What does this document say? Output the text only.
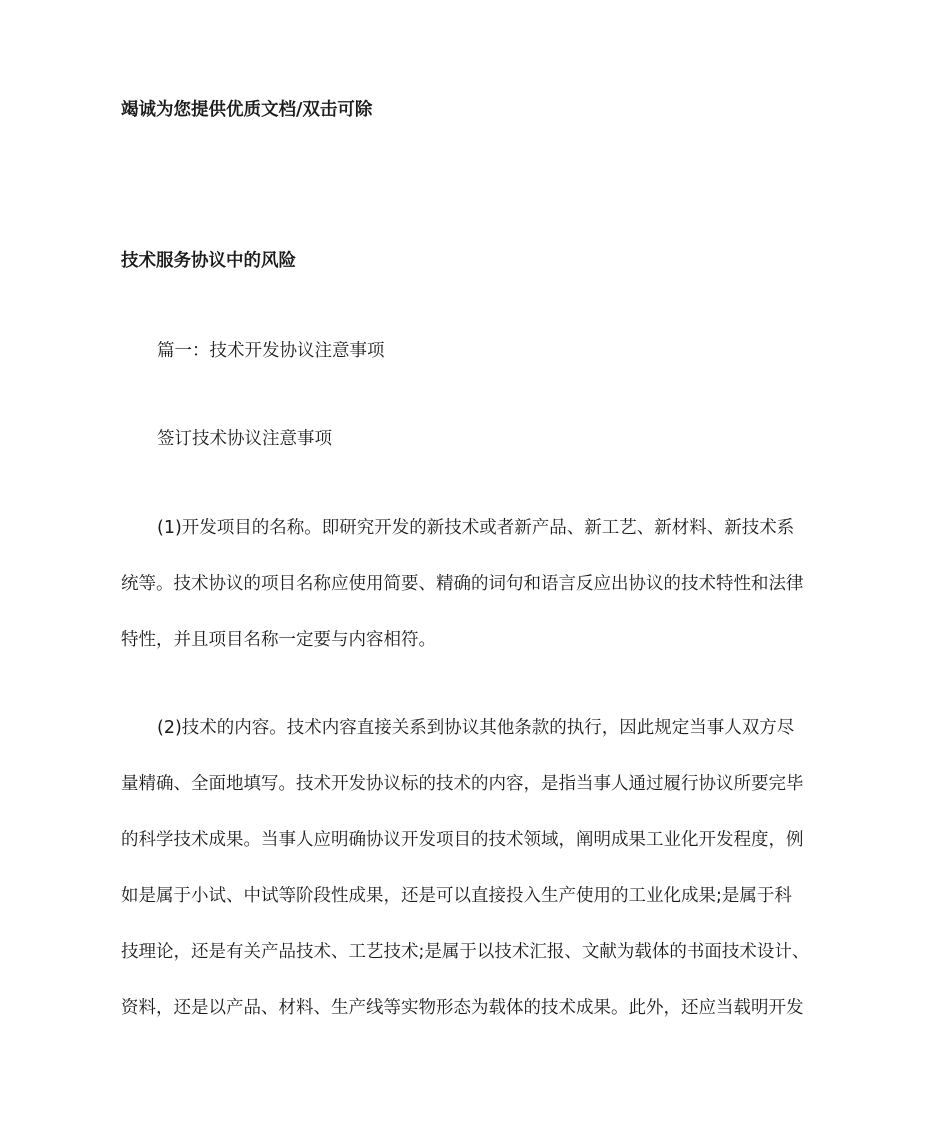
竭诚为您提供优质文档/双击可除
技术服务协议中的风险
篇一：技术开发协议注意事项
签订技术协议注意事项
(1)开发项目的名称。即研究开发的新技术或者新产品、新工艺、新材料、新技术系
统等。技术协议的项目名称应使用简要、精确的词句和语言反应出协议的技术特性和法律
特性，并且项目名称一定要与内容相符。
(2)技术的内容。技术内容直接关系到协议其他条款的执行，因此规定当事人双方尽
量精确、全面地填写。技术开发协议标的技术的内容，是指当事人通过履行协议所要完毕
的科学技术成果。当事人应明确协议开发项目的技术领域，阐明成果工业化开发程度，例
如是属于小试、中试等阶段性成果，还是可以直接投入生产使用的工业化成果;是属于科
技理论，还是有关产品技术、工艺技术;是属于以技术汇报、文献为载体的书面技术设计、
资料，还是以产品、材料、生产线等实物形态为载体的技术成果。此外，还应当载明开发
